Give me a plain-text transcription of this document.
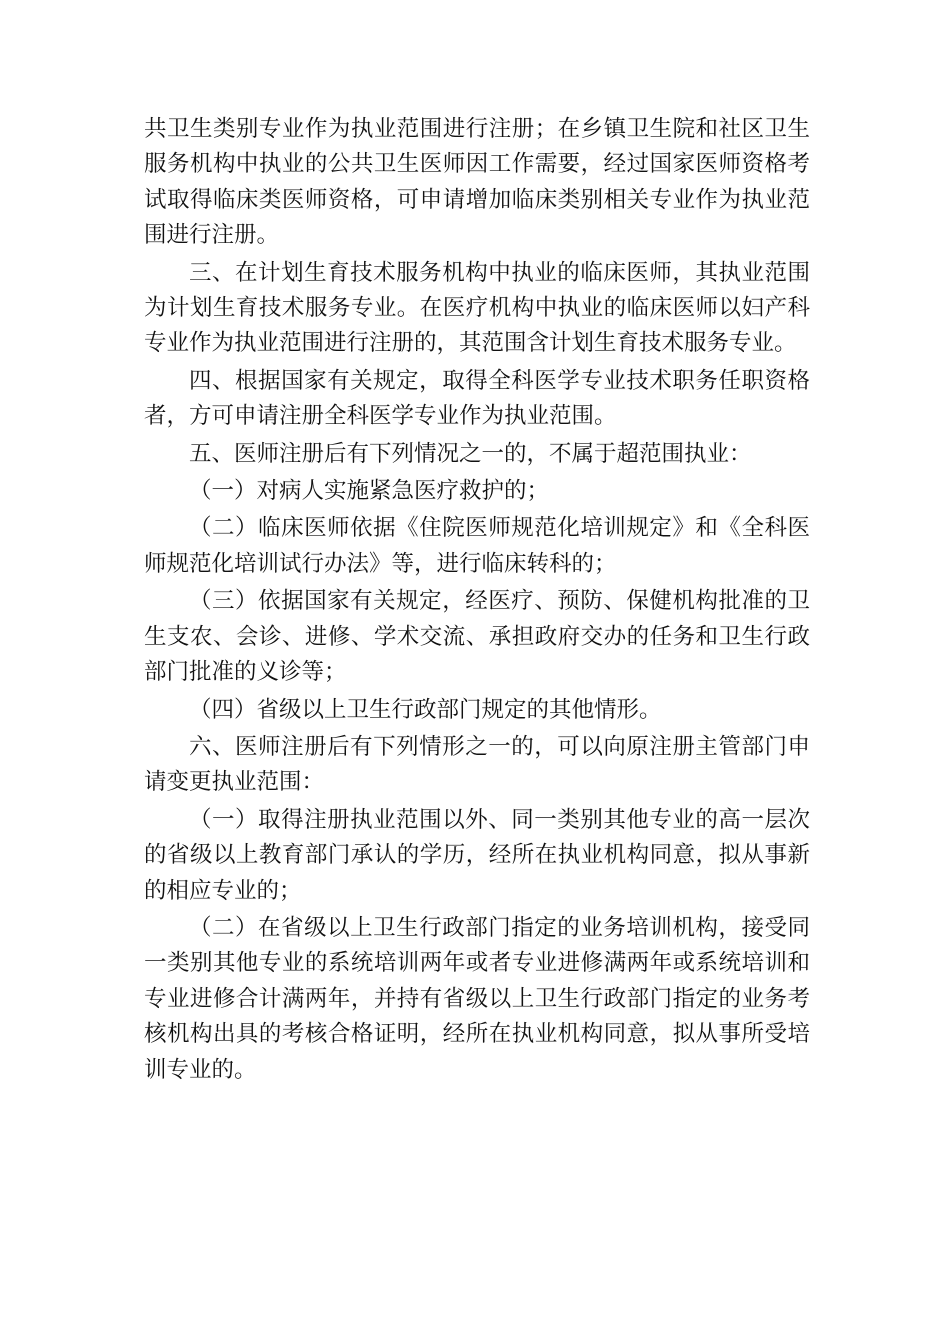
共卫生类别专业作为执业范围进行注册；在乡镇卫生院和社区卫生服务机构中执业的公共卫生医师因工作需要，经过国家医师资格考试取得临床类医师资格，可申请增加临床类别相关专业作为执业范围进行注册。

三、在计划生育技术服务机构中执业的临床医师，其执业范围为计划生育技术服务专业。在医疗机构中执业的临床医师以妇产科专业作为执业范围进行注册的，其范围含计划生育技术服务专业。

四、根据国家有关规定，取得全科医学专业技术职务任职资格者，方可申请注册全科医学专业作为执业范围。

五、医师注册后有下列情况之一的，不属于超范围执业：

（一）对病人实施紧急医疗救护的；

（二）临床医师依据《住院医师规范化培训规定》和《全科医师规范化培训试行办法》等，进行临床转科的；

（三）依据国家有关规定，经医疗、预防、保健机构批准的卫生支农、会诊、进修、学术交流、承担政府交办的任务和卫生行政部门批准的义诊等；

（四）省级以上卫生行政部门规定的其他情形。

六、医师注册后有下列情形之一的，可以向原注册主管部门申请变更执业范围：

（一）取得注册执业范围以外、同一类别其他专业的高一层次的省级以上教育部门承认的学历，经所在执业机构同意，拟从事新的相应专业的；

（二）在省级以上卫生行政部门指定的业务培训机构，接受同一类别其他专业的系统培训两年或者专业进修满两年或系统培训和专业进修合计满两年，并持有省级以上卫生行政部门指定的业务考核机构出具的考核合格证明，经所在执业机构同意，拟从事所受培训专业的。
